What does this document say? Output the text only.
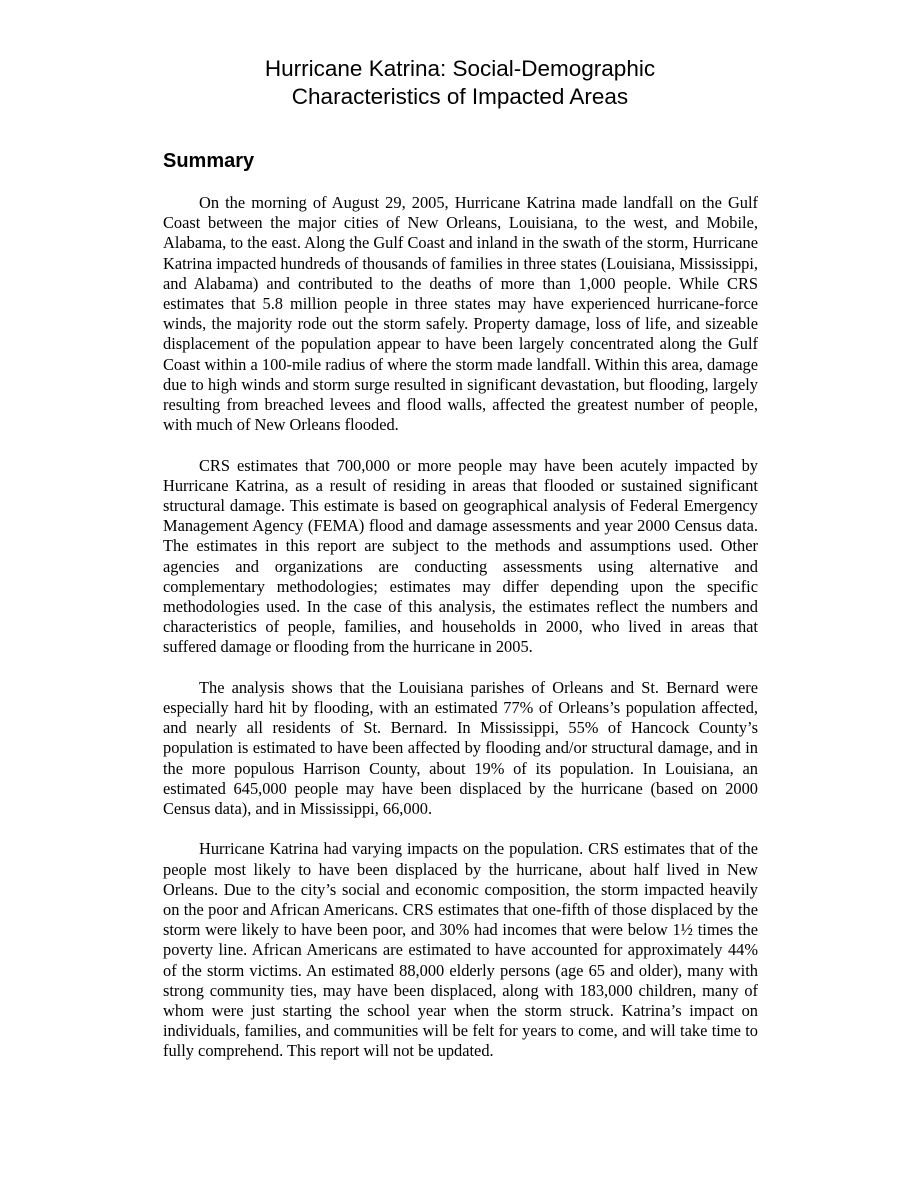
Hurricane Katrina: Social-Demographic
Characteristics of Impacted Areas
Summary

On the morning of August 29, 2005, Hurricane Katrina made landfall on the Gulf Coast between the major cities of New Orleans, Louisiana, to the west, and Mobile, Alabama, to the east. Along the Gulf Coast and inland in the swath of the storm, Hurricane Katrina impacted hundreds of thousands of families in three states (Louisiana, Mississippi, and Alabama) and contributed to the deaths of more than 1,000 people. While CRS estimates that 5.8 million people in three states may have experienced hurricane-force winds, the majority rode out the storm safely. Property damage, loss of life, and sizeable displacement of the population appear to have been largely concentrated along the Gulf Coast within a 100-mile radius of where the storm made landfall. Within this area, damage due to high winds and storm surge resulted in significant devastation, but flooding, largely resulting from breached levees and flood walls, affected the greatest number of people, with much of New Orleans flooded.

CRS estimates that 700,000 or more people may have been acutely impacted by Hurricane Katrina, as a result of residing in areas that flooded or sustained significant structural damage. This estimate is based on geographical analysis of Federal Emergency Management Agency (FEMA) flood and damage assessments and year 2000 Census data. The estimates in this report are subject to the methods and assumptions used. Other agencies and organizations are conducting assessments using alternative and complementary methodologies; estimates may differ depending upon the specific methodologies used. In the case of this analysis, the estimates reflect the numbers and characteristics of people, families, and households in 2000, who lived in areas that suffered damage or flooding from the hurricane in 2005.

The analysis shows that the Louisiana parishes of Orleans and St. Bernard were especially hard hit by flooding, with an estimated 77% of Orleans’s population affected, and nearly all residents of St. Bernard. In Mississippi, 55% of Hancock County’s population is estimated to have been affected by flooding and/or structural damage, and in the more populous Harrison County, about 19% of its population. In Louisiana, an estimated 645,000 people may have been displaced by the hurricane (based on 2000 Census data), and in Mississippi, 66,000.

Hurricane Katrina had varying impacts on the population. CRS estimates that of the people most likely to have been displaced by the hurricane, about half lived in New Orleans. Due to the city’s social and economic composition, the storm impacted heavily on the poor and African Americans. CRS estimates that one-fifth of those displaced by the storm were likely to have been poor, and 30% had incomes that were below 1½ times the poverty line. African Americans are estimated to have accounted for approximately 44% of the storm victims. An estimated 88,000 elderly persons (age 65 and older), many with strong community ties, may have been displaced, along with 183,000 children, many of whom were just starting the school year when the storm struck. Katrina’s impact on individuals, families, and communities will be felt for years to come, and will take time to fully comprehend. This report will not be updated.
